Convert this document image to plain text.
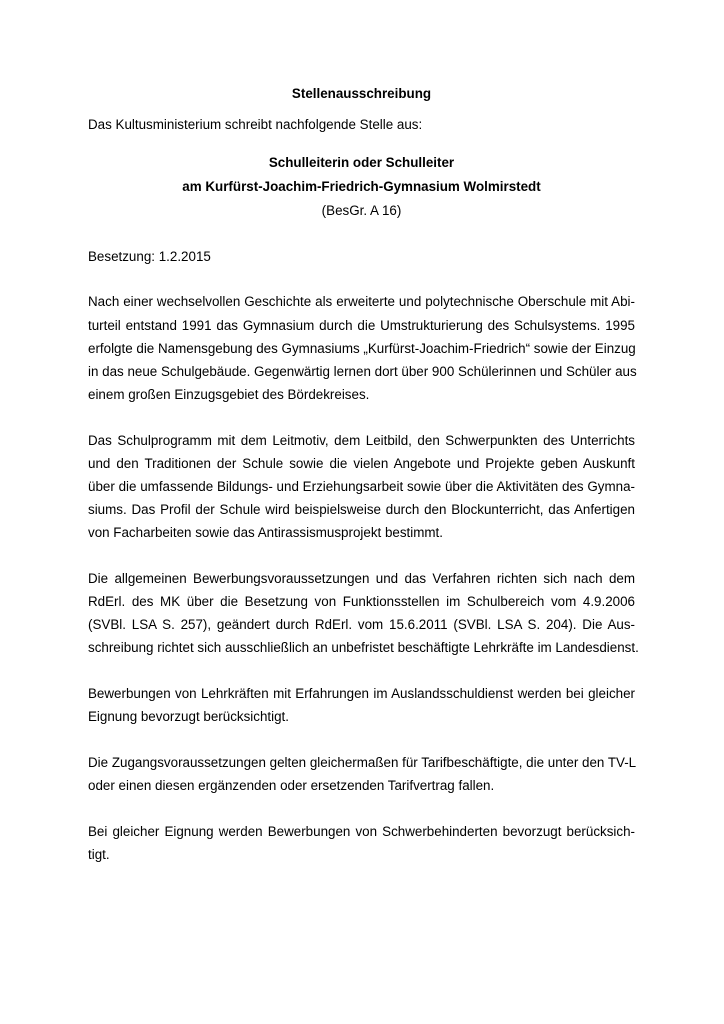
Stellenausschreibung
Das Kultusministerium schreibt nachfolgende Stelle aus:
Schulleiterin oder Schulleiter
am Kurfürst-Joachim-Friedrich-Gymnasium Wolmirstedt
(BesGr. A 16)
Besetzung: 1.2.2015
Nach einer wechselvollen Geschichte als erweiterte und polytechnische Oberschule mit Abi-
turteil entstand 1991 das Gymnasium durch die Umstrukturierung des Schulsystems. 1995
erfolgte die Namensgebung des Gymnasiums „Kurfürst-Joachim-Friedrich“ sowie der Einzug
in das neue Schulgebäude. Gegenwärtig lernen dort über 900 Schülerinnen und Schüler aus
einem großen Einzugsgebiet des Bördekreises.
Das Schulprogramm mit dem Leitmotiv, dem Leitbild, den Schwerpunkten des Unterrichts
und den Traditionen der Schule sowie die vielen Angebote und Projekte geben Auskunft
über die umfassende Bildungs- und Erziehungsarbeit sowie über die Aktivitäten des Gymna-
siums. Das Profil der Schule wird beispielsweise durch den Blockunterricht, das Anfertigen
von Facharbeiten sowie das Antirassismusprojekt bestimmt.
Die allgemeinen Bewerbungsvoraussetzungen und das Verfahren richten sich nach dem
RdErl. des MK über die Besetzung von Funktionsstellen im Schulbereich vom 4.9.2006
(SVBl. LSA S. 257), geändert durch RdErl. vom 15.6.2011 (SVBl. LSA S. 204). Die Aus-
schreibung richtet sich ausschließlich an unbefristet beschäftigte Lehrkräfte im Landesdienst.
Bewerbungen von Lehrkräften mit Erfahrungen im Auslandsschuldienst werden bei gleicher
Eignung bevorzugt berücksichtigt.
Die Zugangsvoraussetzungen gelten gleichermaßen für Tarifbeschäftigte, die unter den TV-L
oder einen diesen ergänzenden oder ersetzenden Tarifvertrag fallen.
Bei gleicher Eignung werden Bewerbungen von Schwerbehinderten bevorzugt berücksich-
tigt.
